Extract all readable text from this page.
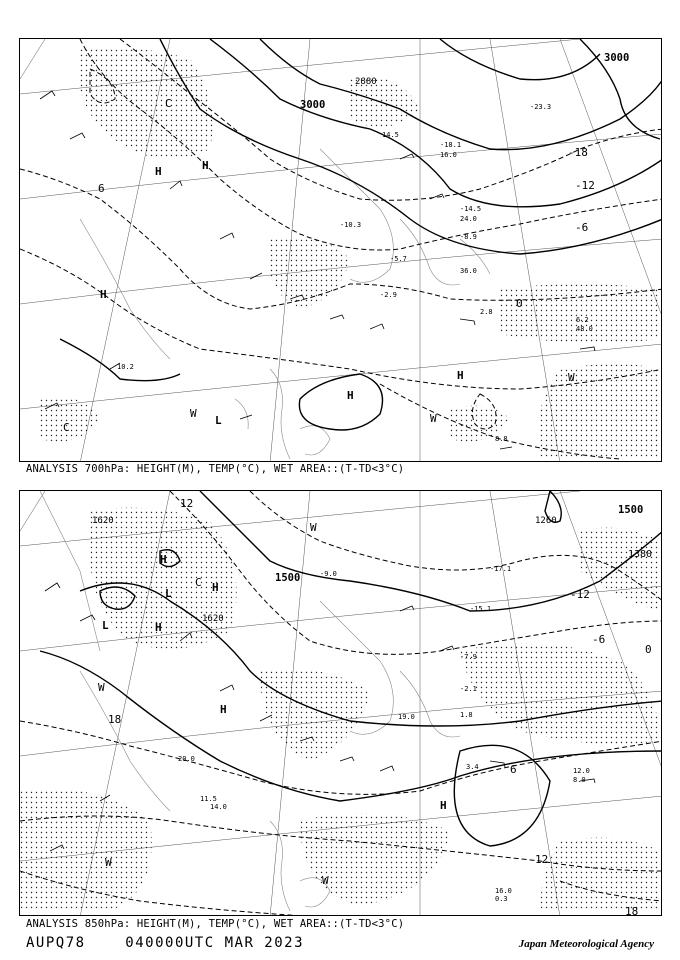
3000
3000
2880
-18
-12
-6
0
6
H	H
H
H
H
L
C
C
W	W
W
-23.3
-18.1
-14.5
-10.3
-8.9
-5.7
-2.9
2.8
6.2
8.8
10.2
14.5
16.0
24.0
36.0
48.0
ANALYSIS 700hPa: HEIGHT(M), TEMP(°C), WET AREA::(T-TD<3°C)
1500
1500
1380
1620
1620	1260
-12
-6
0
6
12
18
12
18
H
H
H
H
H
L
L
C
W
W
W
W
-17.1
-15.1
-9.0
-7.9
-2.1
1.8
3.4
11.5
12.0
16.0
19.0
20.0
0.3
8.0
14.0
ANALYSIS 850hPa: HEIGHT(M), TEMP(°C), WET AREA::(T-TD<3°C)
AUPQ78	040000UTC MAR 2023	Japan Meteorological Agency
